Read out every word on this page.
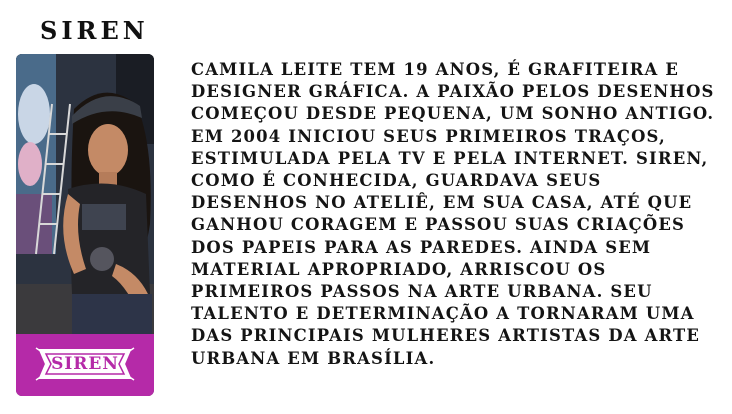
SIREN
SIREN

CAMILA LEITE TEM 19 ANOS, É GRAFITEIRA E DESIGNER GRÁFICA. A PAIXÃO PELOS DESENHOS COMEÇOU DESDE PEQUENA, UM SONHO ANTIGO. EM 2004 INICIOU SEUS PRIMEIROS TRAÇOS, ESTIMULADA PELA TV E PELA INTERNET. SIREN, COMO É CONHECIDA, GUARDAVA SEUS DESENHOS NO ATELIÊ, EM SUA CASA, ATÉ QUE GANHOU CORAGEM E PASSOU SUAS CRIAÇÕES DOS PAPEIS PARA AS PAREDES. AINDA SEM MATERIAL APROPRIADO, ARRISCOU OS PRIMEIROS PASSOS NA ARTE URBANA. SEU TALENTO E DETERMINAÇÃO A TORNARAM UMA DAS PRINCIPAIS MULHERES ARTISTAS DA ARTE URBANA EM BRASÍLIA.
